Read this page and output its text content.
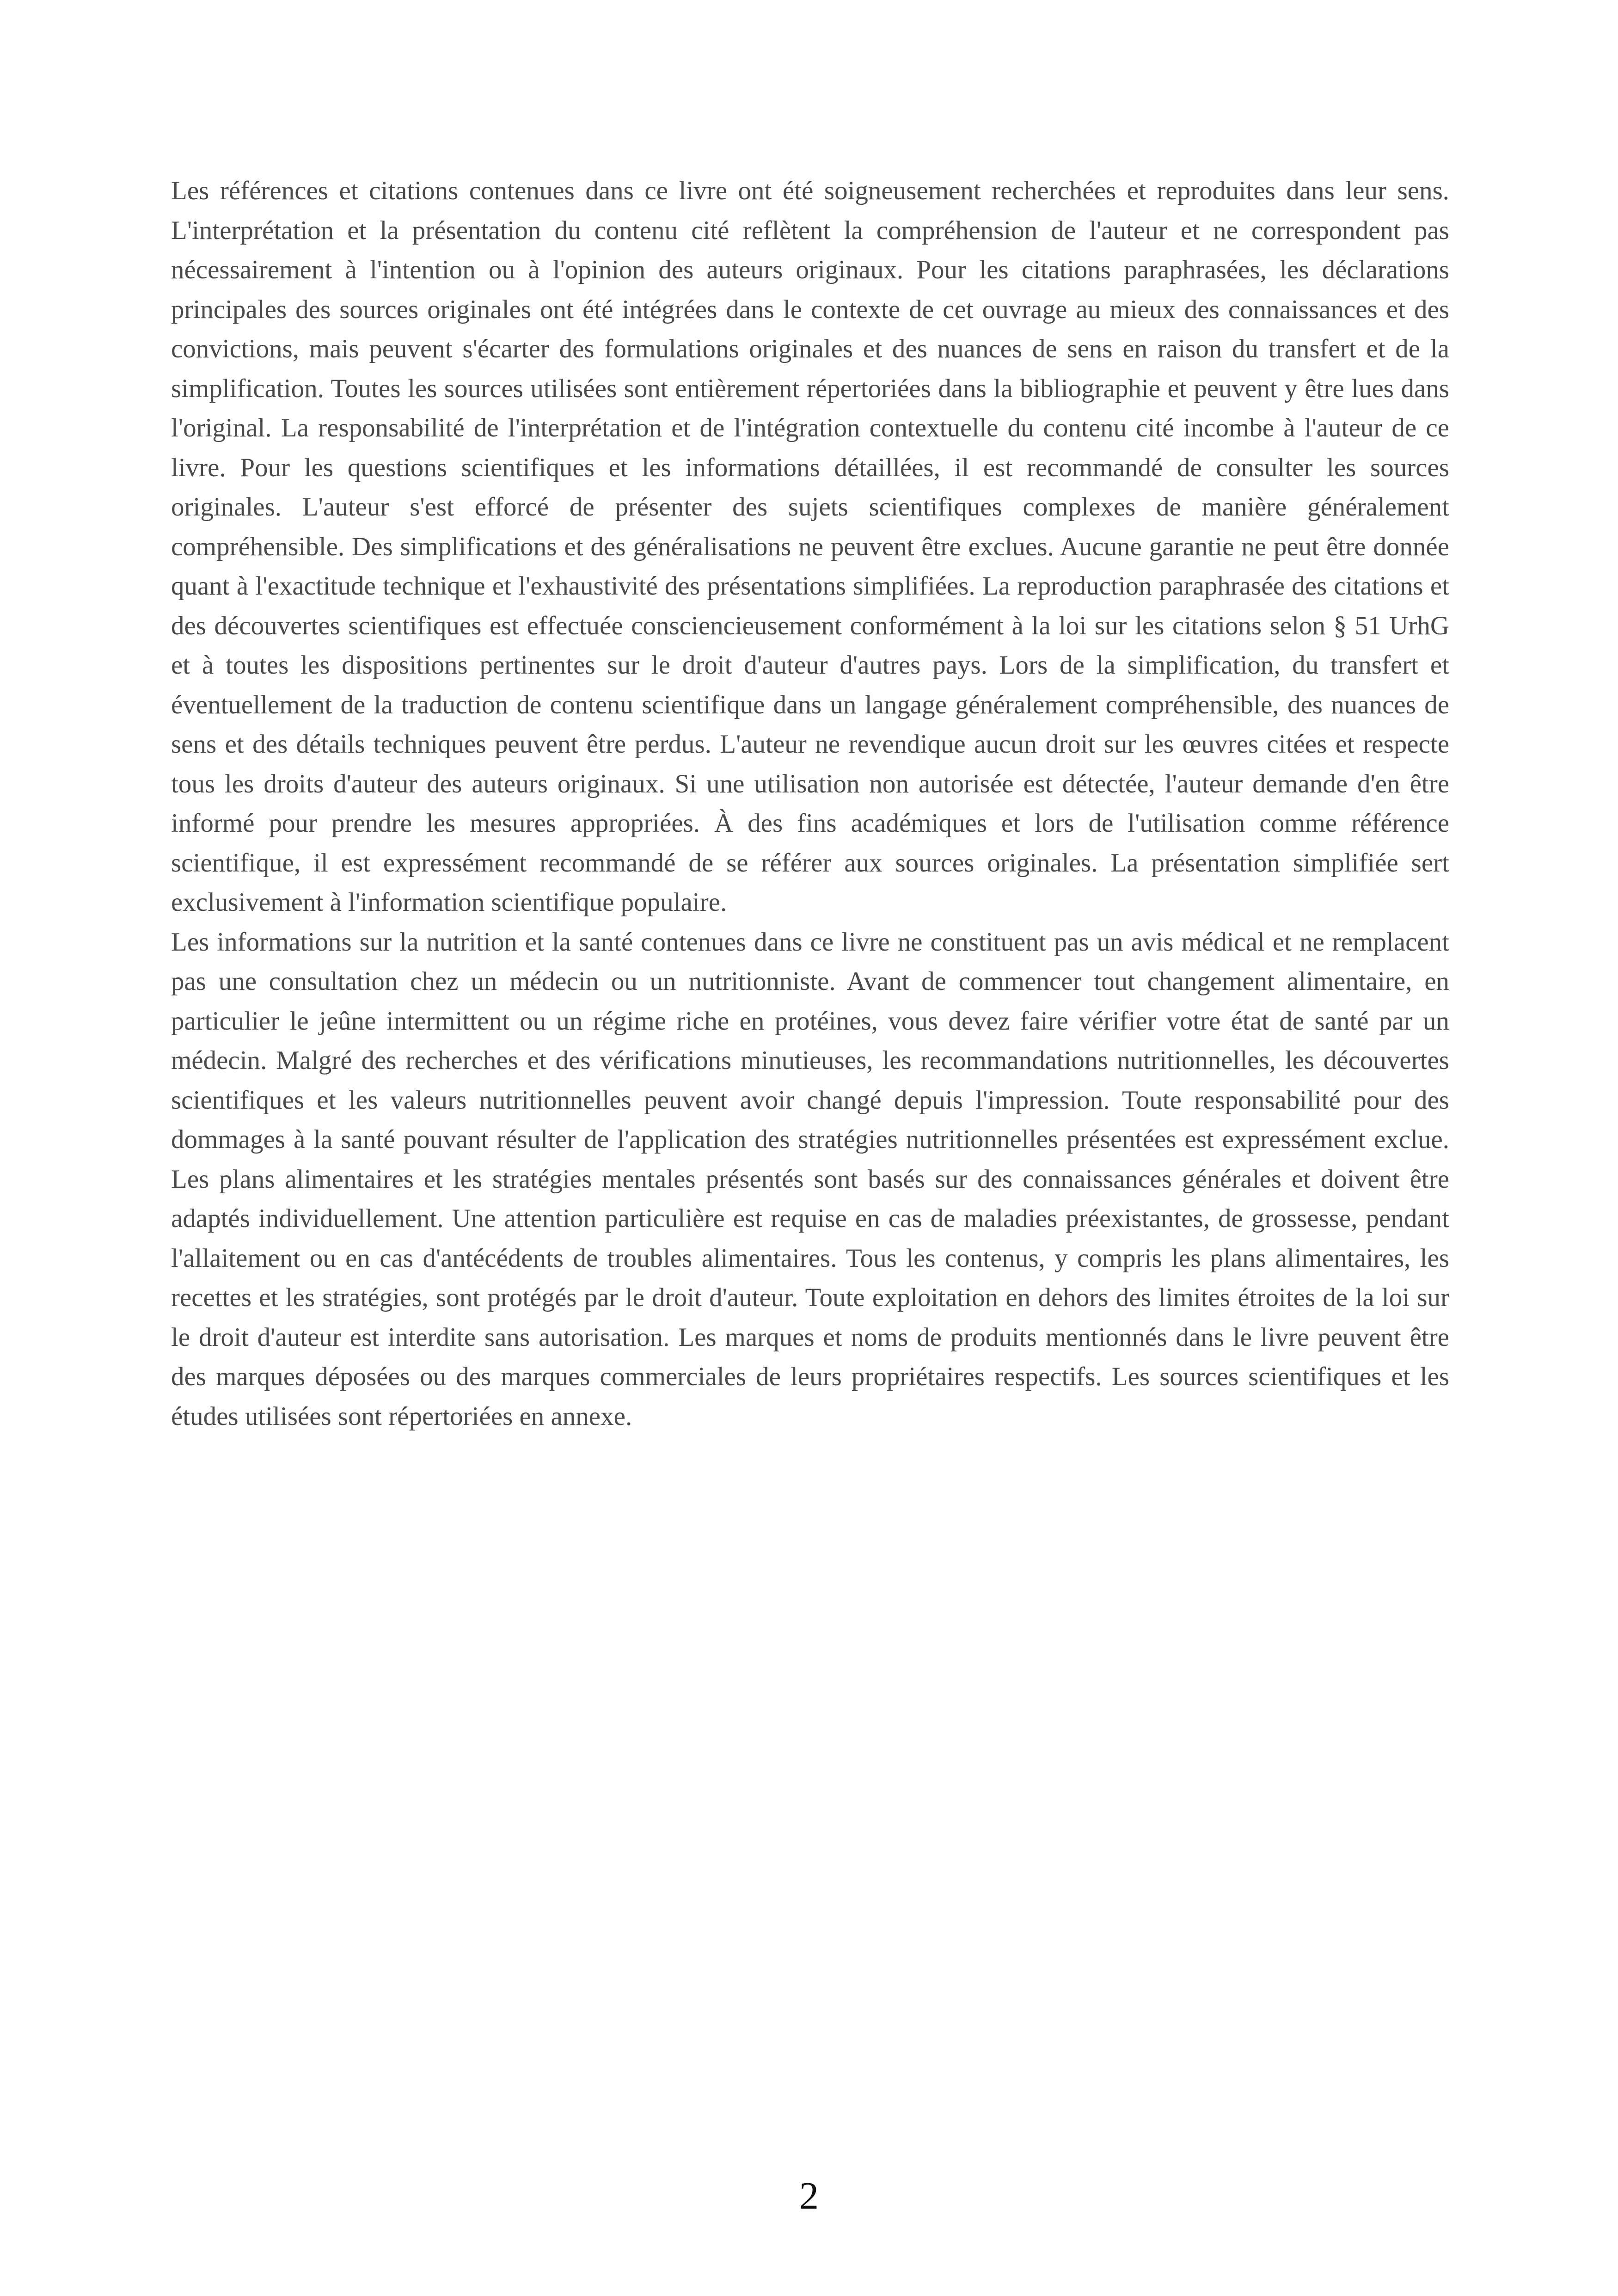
Les références et citations contenues dans ce livre ont été soigneusement recherchées et reproduites dans leur sens. L'interprétation et la présentation du contenu cité reflètent la compréhension de l'auteur et ne correspondent pas nécessairement à l'intention ou à l'opinion des auteurs originaux. Pour les citations paraphrasées, les déclarations principales des sources originales ont été intégrées dans le contexte de cet ouvrage au mieux des connaissances et des convictions, mais peuvent s'écarter des formulations originales et des nuances de sens en raison du transfert et de la simplification. Toutes les sources utilisées sont entièrement répertoriées dans la bibliographie et peuvent y être lues dans l'original. La responsabilité de l'interprétation et de l'intégration contextuelle du contenu cité incombe à l'auteur de ce livre. Pour les questions scientifiques et les informations détaillées, il est recommandé de consulter les sources originales. L'auteur s'est efforcé de présenter des sujets scientifiques complexes de manière généralement compréhensible. Des simplifications et des généralisations ne peuvent être exclues. Aucune garantie ne peut être donnée quant à l'exactitude technique et l'exhaustivité des présentations simplifiées. La reproduction paraphrasée des citations et des découvertes scientifiques est effectuée consciencieusement conformément à la loi sur les citations selon § 51 UrhG et à toutes les dispositions pertinentes sur le droit d'auteur d'autres pays. Lors de la simplification, du transfert et éventuellement de la traduction de contenu scientifique dans un langage généralement compréhensible, des nuances de sens et des détails techniques peuvent être perdus. L'auteur ne revendique aucun droit sur les œuvres citées et respecte tous les droits d'auteur des auteurs originaux. Si une utilisation non autorisée est détectée, l'auteur demande d'en être informé pour prendre les mesures appropriées. À des fins académiques et lors de l'utilisation comme référence scientifique, il est expressément recommandé de se référer aux sources originales. La présentation simplifiée sert exclusivement à l'information scientifique populaire.

Les informations sur la nutrition et la santé contenues dans ce livre ne constituent pas un avis médical et ne remplacent pas une consultation chez un médecin ou un nutritionniste. Avant de commencer tout changement alimentaire, en particulier le jeûne intermittent ou un régime riche en protéines, vous devez faire vérifier votre état de santé par un médecin. Malgré des recherches et des vérifications minutieuses, les recommandations nutritionnelles, les découvertes scientifiques et les valeurs nutritionnelles peuvent avoir changé depuis l'impression. Toute responsabilité pour des dommages à la santé pouvant résulter de l'application des stratégies nutritionnelles présentées est expressément exclue. Les plans alimentaires et les stratégies mentales présentés sont basés sur des connaissances générales et doivent être adaptés individuellement. Une attention particulière est requise en cas de maladies préexistantes, de grossesse, pendant l'allaitement ou en cas d'antécédents de troubles alimentaires. Tous les contenus, y compris les plans alimentaires, les recettes et les stratégies, sont protégés par le droit d'auteur. Toute exploitation en dehors des limites étroites de la loi sur le droit d'auteur est interdite sans autorisation. Les marques et noms de produits mentionnés dans le livre peuvent être des marques déposées ou des marques commerciales de leurs propriétaires respectifs. Les sources scientifiques et les études utilisées sont répertoriées en annexe.

2
